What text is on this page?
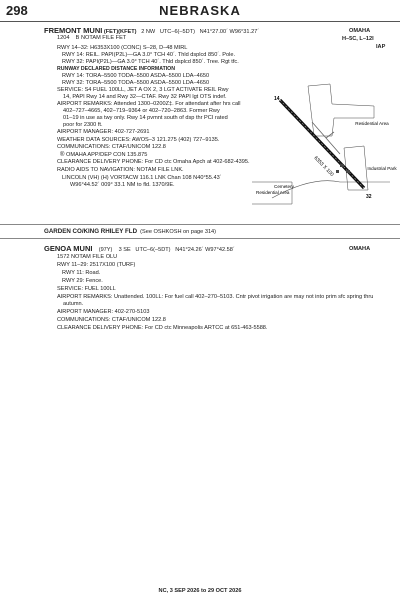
298	NEBRASKA
FREMONT MUNI (FET)(KFET) 2 NW UTC–6(–5DT) N41°27.00´ W96°31.27´	OMAHA
1204 B NOTAM FILE FET	H–5C, L–12I
IAP
RWY 14–32: H6353X100 (CONC) S–28, D–48 MIRL
RWY 14: REIL. PAPI(P2L)—GA 3.0° TCH 40´. Thld dsplcd 850´. Pole.
RWY 32: PAPI(P2L)—GA 3.0° TCH 40´. Thld dsplcd 850´. Tree. Rgt tfc.
RUNWAY DECLARED DISTANCE INFORMATION
RWY 14: TORA–5500 TODA–5500 ASDA–5500 LDA–4650
RWY 32: TORA–5500 TODA–5500 ASDA–5500 LDA–4650
SERVICE: S4 FUEL 100LL, JET A OX 2, 3 LGT ACTIVATE REIL Rwy
14, PAPI Rwy 14 and Rwy 32—CTAF. Rwy 32 PAPI lgt OTS indef.
AIRPORT REMARKS: Attended 1300–0200Z‡. For attendant after hrs call
402–727–4665, 402–719–9364 or 402–720–2863. Former Rwy
01–19 in use as twy only. Rwy 14 pvmnt south of dsp thr PCI rated
poor for 2300 ft.
AIRPORT MANAGER: 402-727-2691
WEATHER DATA SOURCES: AWOS–3 121.275 (402) 727–9135.
COMMUNICATIONS: CTAF/UNICOM 122.8
® OMAHA APP/DEP CON 135.875
CLEARANCE DELIVERY PHONE: For CD ctc Omaha Apch at 402-682-4395.
RADIO AIDS TO NAVIGATION: NOTAM FILE LNK.
LINCOLN (VH) (H) VORTACW 116.1 LNK Chan 108 N40°55.43´
W96°44.52´ 009° 33.1 NM to fld. 1370/9E.
Residential Area
Industrial Park
Residential Area
Cemetery
6353 X 100
14
32
GARDEN CO/KING RHILEY FLD (See OSHKOSH on page 314)
GENOA MUNI (97Y) 3 SE UTC–6(–5DT) N41°24.26´ W97°42.58´	OMAHA
1572 NOTAM FILE OLU
RWY 11–29: 2517X100 (TURF)
RWY 11: Road.
RWY 29: Fence.
SERVICE: FUEL 100LL
AIRPORT REMARKS: Unattended. 100LL: For fuel call 402–270–5103. Cntr pivot irrigation are may not into prim sfc spring thru
autumn.
AIRPORT MANAGER: 402-270-5103
COMMUNICATIONS: CTAF/UNICOM 122.8
CLEARANCE DELIVERY PHONE: For CD ctc Minneapolis ARTCC at 651-463-5588.
NC, 3 SEP 2026 to 29 OCT 2026
